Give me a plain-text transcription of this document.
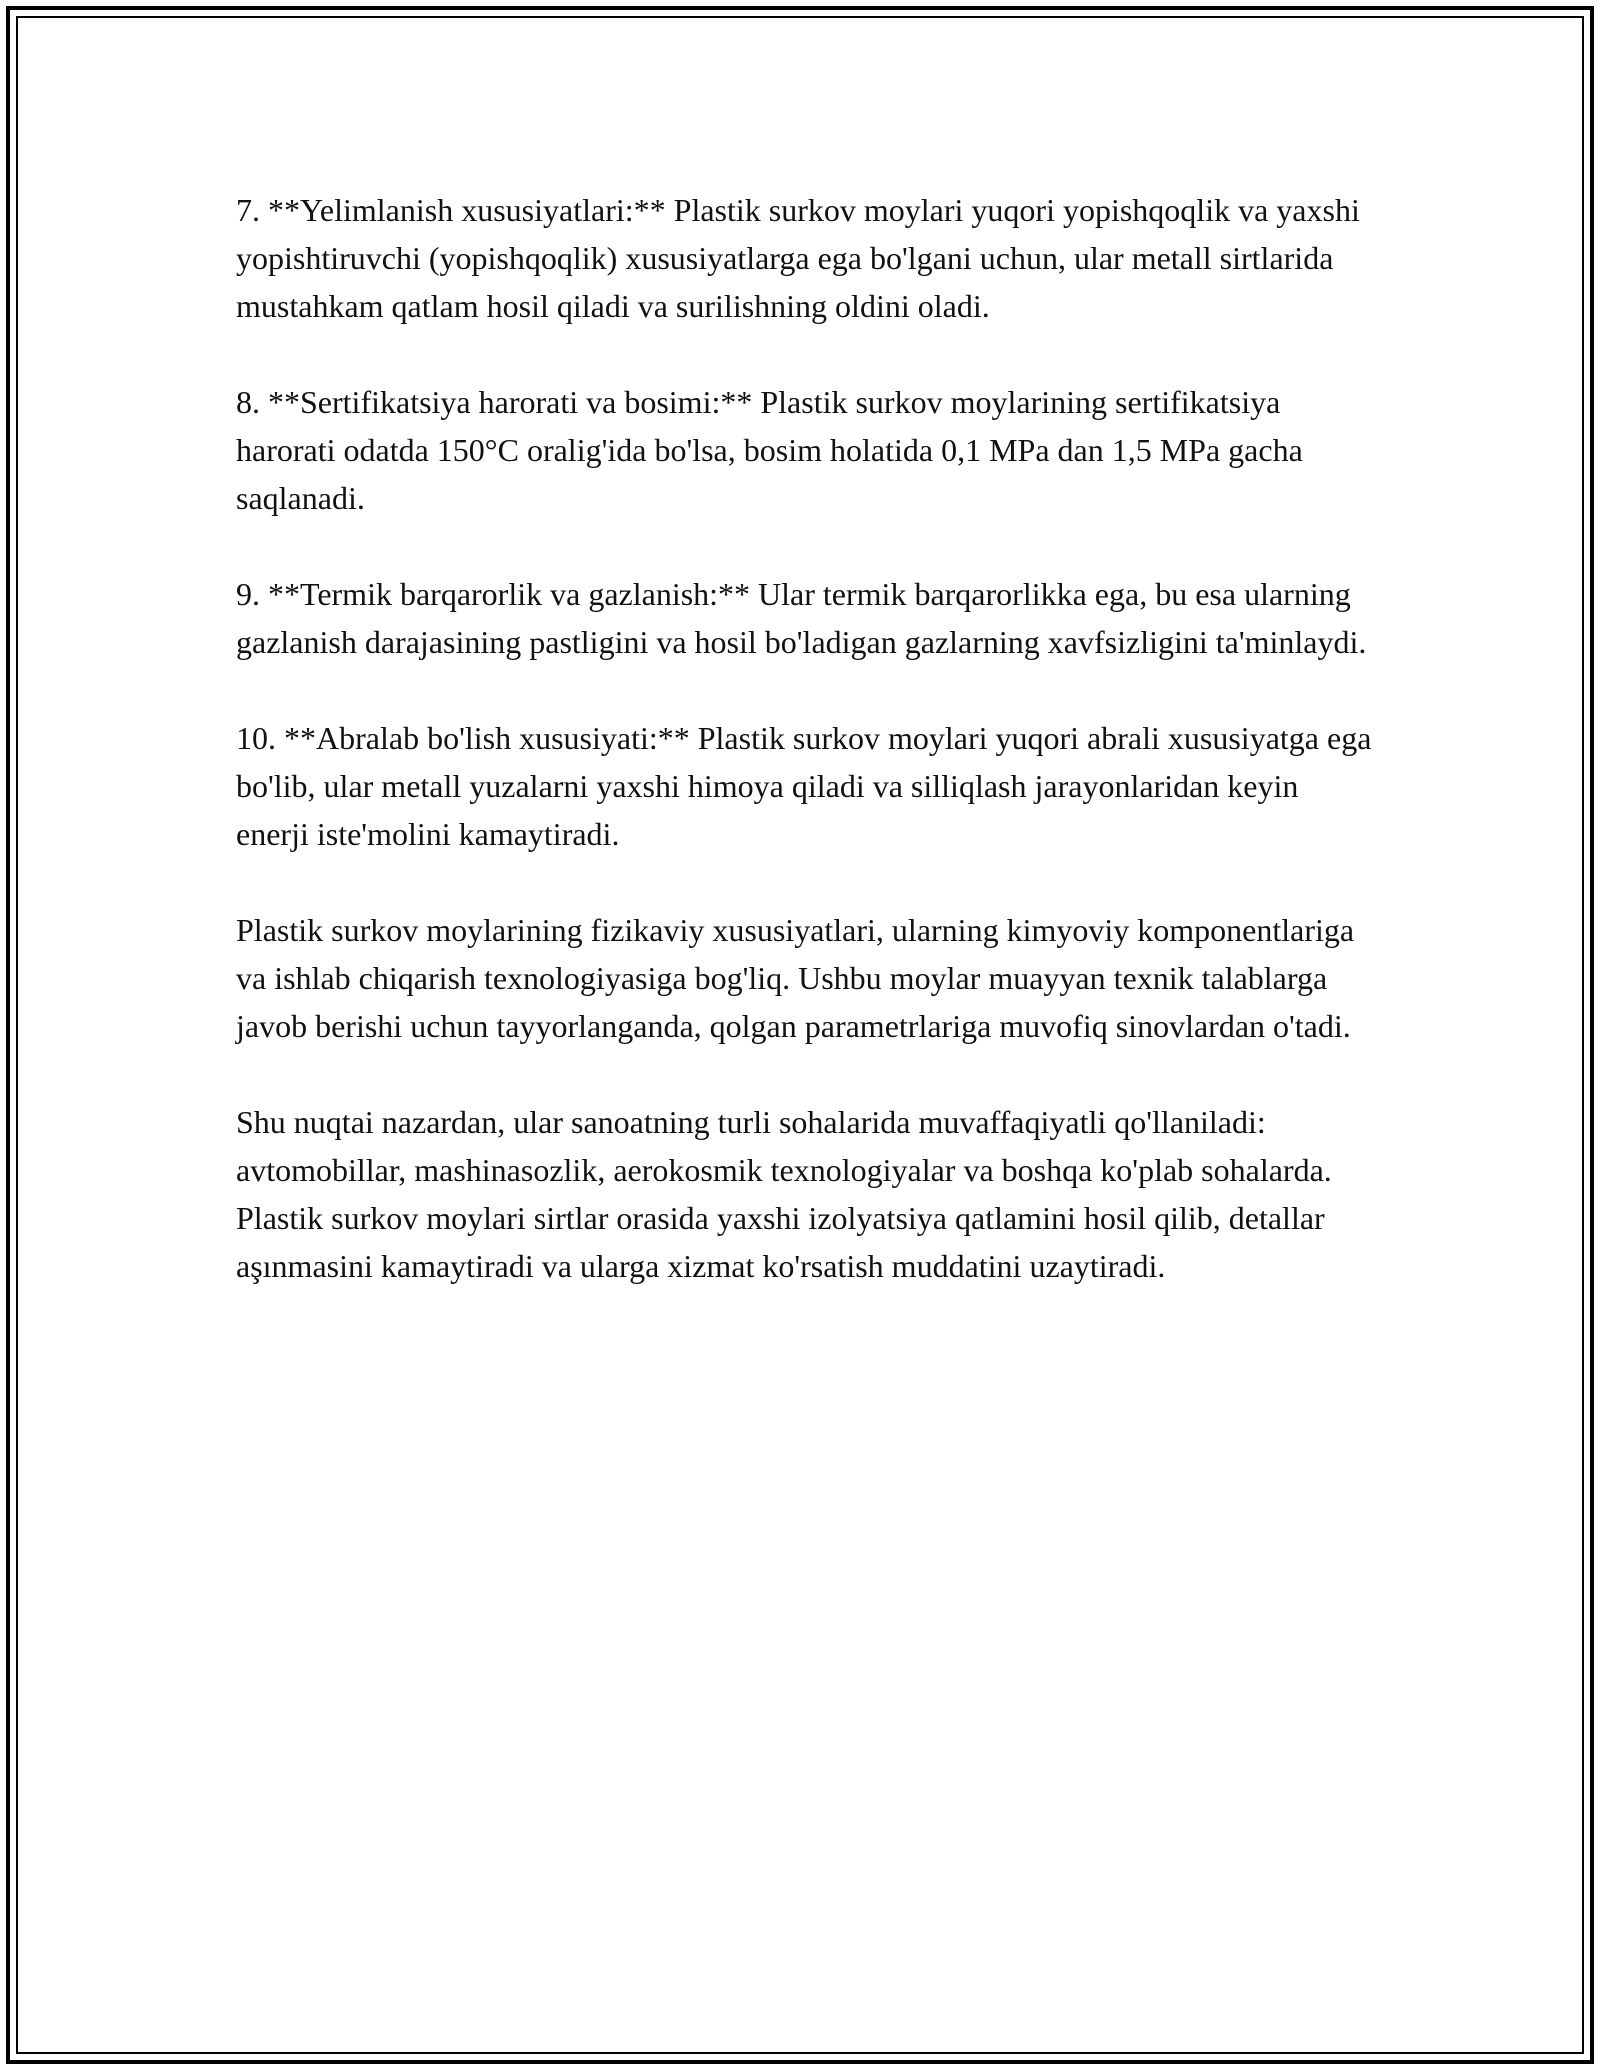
7. **Yelimlanish xususiyatlari:** Plastik surkov moylari yuqori yopishqoqlik va yaxshi yopishtiruvchi (yopishqoqlik) xususiyatlarga ega bo'lgani uchun, ular metall sirtlarida mustahkam qatlam hosil qiladi va surilishning oldini oladi.

8. **Sertifikatsiya harorati va bosimi:** Plastik surkov moylarining sertifikatsiya harorati odatda 150°C oralig'ida bo'lsa, bosim holatida 0,1 MPa dan 1,5 MPa gacha saqlanadi.

9. **Termik barqarorlik va gazlanish:** Ular termik barqarorlikka ega, bu esa ularning gazlanish darajasining pastligini va hosil bo'ladigan gazlarning xavfsizligini ta'minlaydi.

10. **Abralab bo'lish xususiyati:** Plastik surkov moylari yuqori abrali xususiyatga ega bo'lib, ular metall yuzalarni yaxshi himoya qiladi va silliqlash jarayonlaridan keyin enerji iste'molini kamaytiradi.

Plastik surkov moylarining fizikaviy xususiyatlari, ularning kimyoviy komponentlariga va ishlab chiqarish texnologiyasiga bog'liq. Ushbu moylar muayyan texnik talablarga javob berishi uchun tayyorlanganda, qolgan parametrlariga muvofiq sinovlardan o'tadi.

Shu nuqtai nazardan, ular sanoatning turli sohalarida muvaffaqiyatli qo'llaniladi: avtomobillar, mashinasozlik, aerokosmik texnologiyalar va boshqa ko'plab sohalarda. Plastik surkov moylari sirtlar orasida yaxshi izolyatsiya qatlamini hosil qilib, detallar aşınmasini kamaytiradi va ularga xizmat ko'rsatish muddatini uzaytiradi.
